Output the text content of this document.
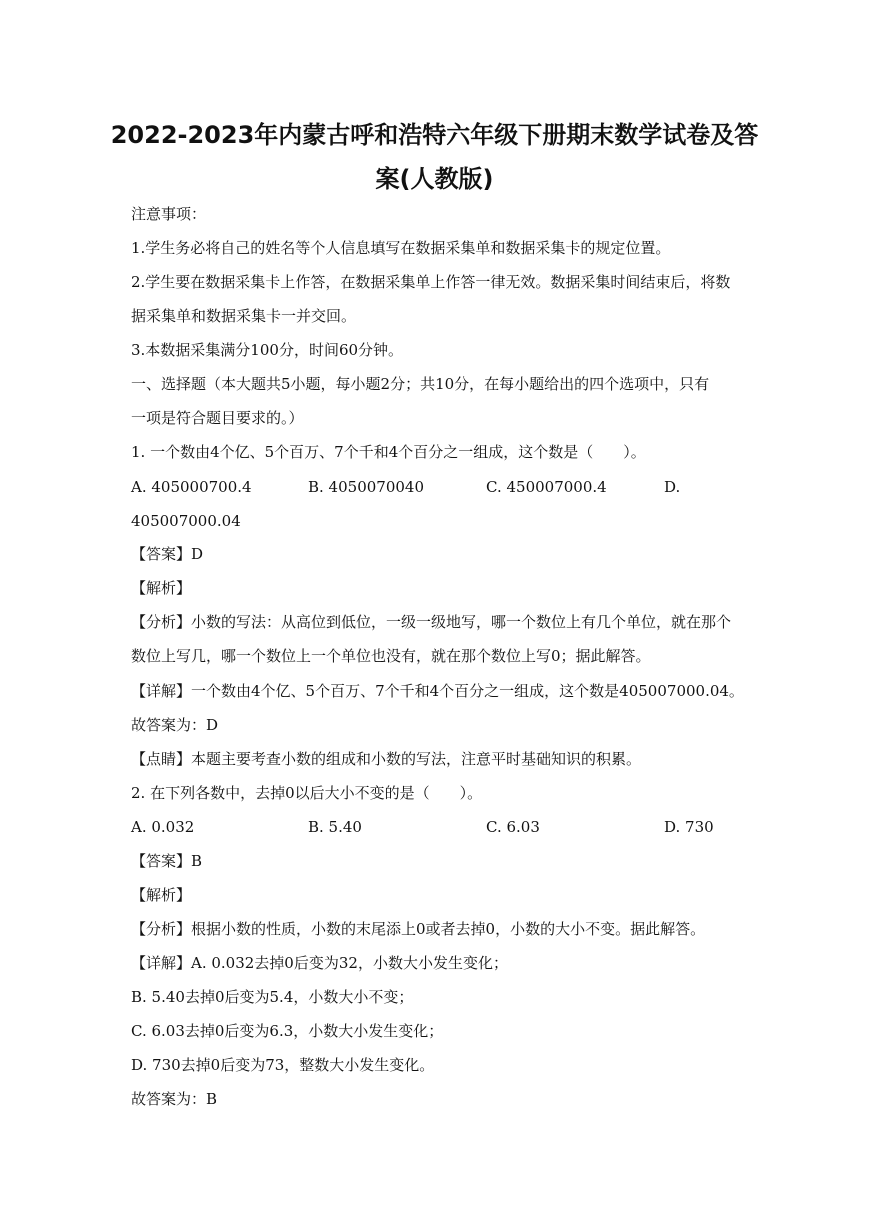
2022-2023年内蒙古呼和浩特六年级下册期末数学试卷及答
案(人教版)
注意事项：
1.学生务必将自己的姓名等个人信息填写在数据采集单和数据采集卡的规定位置。
2.学生要在数据采集卡上作答，在数据采集单上作答一律无效。数据采集时间结束后，将数
据采集单和数据采集卡一并交回。
3.本数据采集满分100分，时间60分钟。
一、选择题（本大题共5小题，每小题2分；共10分，在每小题给出的四个选项中，只有
一项是符合题目要求的。）
1. 一个数由4个亿、5个百万、7个千和4个百分之一组成，这个数是（　　）。
A. 405000700.4	B. 4050070040	C. 450007000.4	D.
405007000.04
【答案】D
【解析】
【分析】小数的写法：从高位到低位，一级一级地写，哪一个数位上有几个单位，就在那个
数位上写几，哪一个数位上一个单位也没有，就在那个数位上写0；据此解答。
【详解】一个数由4个亿、5个百万、7个千和4个百分之一组成，这个数是405007000.04。
故答案为：D
【点睛】本题主要考查小数的组成和小数的写法，注意平时基础知识的积累。
2. 在下列各数中，去掉0以后大小不变的是（　　）。
A. 0.032	B. 5.40	C. 6.03	D. 730
【答案】B
【解析】
【分析】根据小数的性质，小数的末尾添上0或者去掉0，小数的大小不变。据此解答。
【详解】A. 0.032去掉0后变为32，小数大小发生变化；
B. 5.40去掉0后变为5.4，小数大小不变；
C. 6.03去掉0后变为6.3，小数大小发生变化；
D. 730去掉0后变为73，整数大小发生变化。
故答案为：B
